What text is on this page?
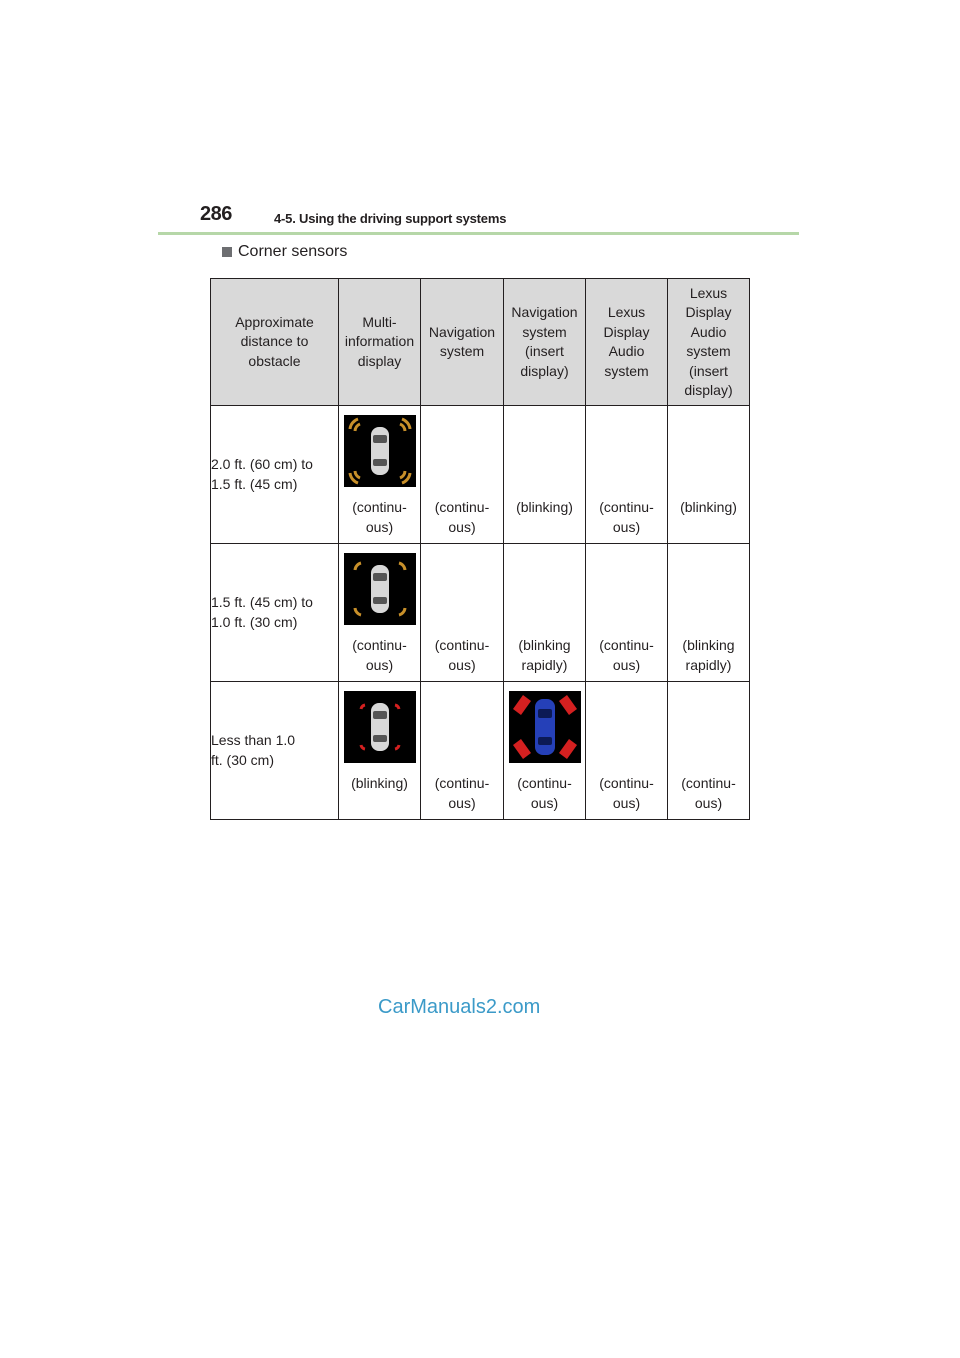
286	4-5. Using the driving support systems
Corner sensors
Approximate distance to obstacle	Multi-information display	Navigation system	Navigation system (insert display)	Lexus Display Audio system	Lexus Display Audio system (insert display)

2.0 ft. (60 cm) to 1.5 ft. (45 cm)	(continu- ous)	(continu- ous)	(blinking)	(continu- ous)	(blinking)

1.5 ft. (45 cm) to 1.0 ft. (30 cm)	(continu- ous)	(continu- ous)	(blinking rapidly)	(continu- ous)	(blinking rapidly)

Less than 1.0 ft. (30 cm)	(blinking)	(continu- ous)	(continu- ous)	(continu- ous)	(continu- ous)
CarManuals2.com
